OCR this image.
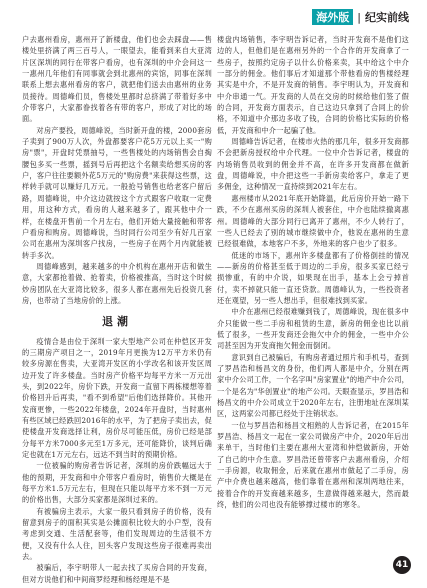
海外版 | 纪实前线

户去惠州看房，惠州开了新楼盘，他们也会去踩盘——售楼处里挤满了两三百号人，一眼望去，能看到来自大亚湾片区深圳的同行在带客户看房，也有深圳的中介会问这一一惠州几年他们有同事就会到北惠州的宾馆，同事在深圳联系上想去惠州看房的客户，就把他们送去由惠州的业务员接待。周德峰们员，售楼处里都时总挤满了带着好多中介带客户，大家都眷找着各有带的客户，形成了对比的场面。

对房产要投，周德峰说，当时新开盘的楼，2000套房子卖到了900万人次，外盘都要客户花5万元以上买一"购房"票"，开盘时凭票抽号，一些售楼处的内场销售会自掏腰包多买一些票，摇到号后再把这个名额卖给想买房的客户，客户往往要额外花5万元的"购房费"来获得这些票，这样转手就可以赚好几万元。一般抢号销售也给老客户留后路，周德峰说，中介这边就按这个方式跟客户收取一定费用，用这种方式，看房的人越来越多了，跟其他中介一样，在楼盘开售前一个月左右，他们开始大量接触和带客户看房和购房。周德峰说，当时同行公司至少有好几百家公司在惠州为深圳客户找房，一些房子在两个月内就能被转手多次。

周德峰感到，越来越多的中介机构在惠州开店和做生意，大家都抢着做、抢着卖，价格被推高，当时这个时候炒房团队在大亚湾比较多，很多人都在惠州先后投资几套房，也带动了当地房价的上涨。

退潮

疫情合是由位于深圳一家大型地产公司在仲恺区开发的三期房产项目之一，2019年月更换为12万平方米仍有较多房源在售卖，大亚湾开发区的小学改名和该开发区周边开发了许多楼盘。当时房产价格平均每平方米一万元出头，到2022年，房价下跌，开发商一直留下两栋楼想等着价格回升后再卖，"看不到希望"后他们选择降价。其他开发商更惨，一些2022年楼盘，2024年开盘时，当时惠州有些区域已经跌回2016年的水平，为了把房子卖出去，促使楼盘开发商选择让利，房价尽可能压低，房价已经是部分每平方米7000多元至1万多元，还可能降价，谈判后确定也就在1万元左右，远达不到当时的预期价格。

一位被骗的购房者告诉记者，深圳的房价跌幅远大于他的预期，开发商和中介带客户看房时，销售价大概是在每平方米1.5万元左右，但现在只能以每平方米不到一万元的价格出售，大部分买家都是深圳过来的。

有被骗房主表示，大家一般只看到房子的价格，没有留意到房子的面积其实是公摊面积比较大的小户型，没有考虑到交通、生活配套等，他们发现周边的生活很不方便，又没有什么人住，回头客户发现这些房子很难再卖出去。

被骗后，李宇明带人一起去找了买房合同的开发商，但对方说他们和中间商罗经理和杨经理是不是

楼盘内场销售，李宇明告诉记者，当时开发商不是他们这边的人，但他们是在惠州另外的一个合作的开发商拿了一些房子，按照约定房子以什么价格来卖，其中给这个中介一部分的佣金。他们事后才知道那个带他看房的售楼经理其实是中介，不是开发商的销售。李宇明认为，开发商和中介串通一气。开发商的人员在交房的时候给他们签了假的合同，开发商方面表示，自己这边只拿到了合同上的价格，不知道中介那边多收了钱，合同的价格比实际的价格低，开发商和中介一起骗了他。

周德峰告诉记者，在楼市火热的那几年，很多开发商都不会把新房授权给中介代理。一位中介告诉记者，楼盘的内场销售员收到的佣金并不高，在许多开发商都在做新盘，周德峰说，中介把这些一手新房卖给客户，拿走了更多佣金，这种情况一直持续到2021年左右。

惠州楼市从2021年底开始降温，此后房价开始一路下跌，不少在惠州买房的深圳人被套住，中介也陆续撤离惠州。周德峰的大部分同行已离开了惠州，不少人转行了，一些人已经去了别的城市继续做中介，他说在惠州的生意已经很难做，本地客户不多，外地来的客户也少了很多。

低迷的市场下，惠州许多楼盘都有了价格倒挂的情况——新房的价格甚至低于周边的二手房，很多买家已经亏损惨重，有的中介说，如果现在出手，基本上会亏掉首付，卖不掉就只能一直还贷款。周德峰认为，一些投资者还在观望，另一些人想出手，但很难找到买家。

中介在惠州已经很难赚到钱了，周德峰说，现在很多中介只能做一些二手房和租赁的生意，新房的佣金也比以前低了很多，一些开发商还会拖欠中介的佣金，一些中介公司甚至因为开发商拖欠佣金而倒闭。

意识到自己被骗后，有购房者通过照片和手机号，查到了罗昌浩和杨昌文的身份，他们两人都是中介，分别在两家中介公司工作，一个名字叫"房家置业"的地产中介公司，一个是名为"华创置业"的地产公司。天眼查显示，罗昌浩和杨昌文的中介公司成立于2020年左右，注册地址在深圳某区，这两家公司都已经处于注销状态。

一位与罗昌浩和杨昌文相熟的人告诉记者，在2015年罗昌浩、杨昌文一起在一家公司做房产中介，2020年后出来单干，当时他们主要在惠州大亚湾和仲恺做新房，开始了自己的中介生意。罗昌浩还曾带客户去惠州看房，介绍一手房源，收取佣金，后来就在惠州市做起了二手房，房产中介费也越来越高，他们靠着在惠州和深圳两地往来，接着合作的开发商越来越多，生意做得越来越大，然而最终，他们的公司也没有能够撑过楼市的寒冬。

41
